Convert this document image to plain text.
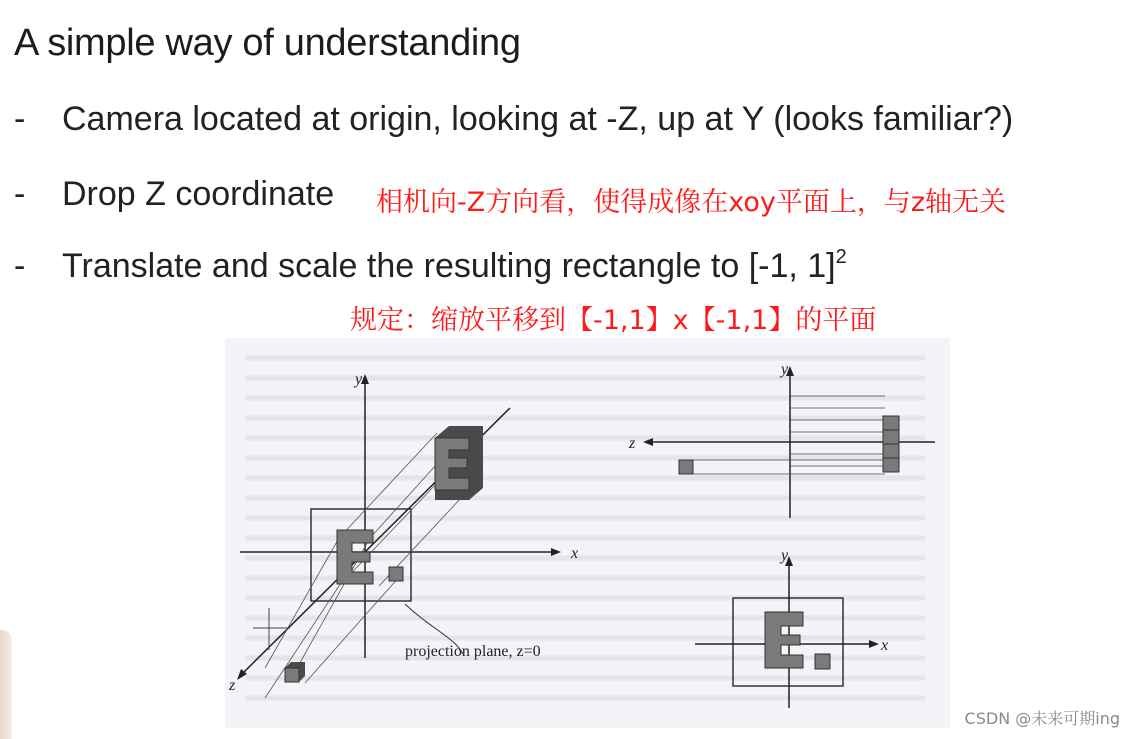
A simple way of understanding
- Camera located at origin, looking at -Z, up at Y (looks familiar?)
- Drop Z coordinate 相机向-Z方向看，使得成像在xoy平面上，与z轴无关
- Translate and scale the resulting rectangle to [-1, 1]$^2$
规定：缩放平移到【-1,1】x【-1,1】的平面
y
x
z
projection plane, z=0
y
z
y
x
CSDN @未来可期ing
